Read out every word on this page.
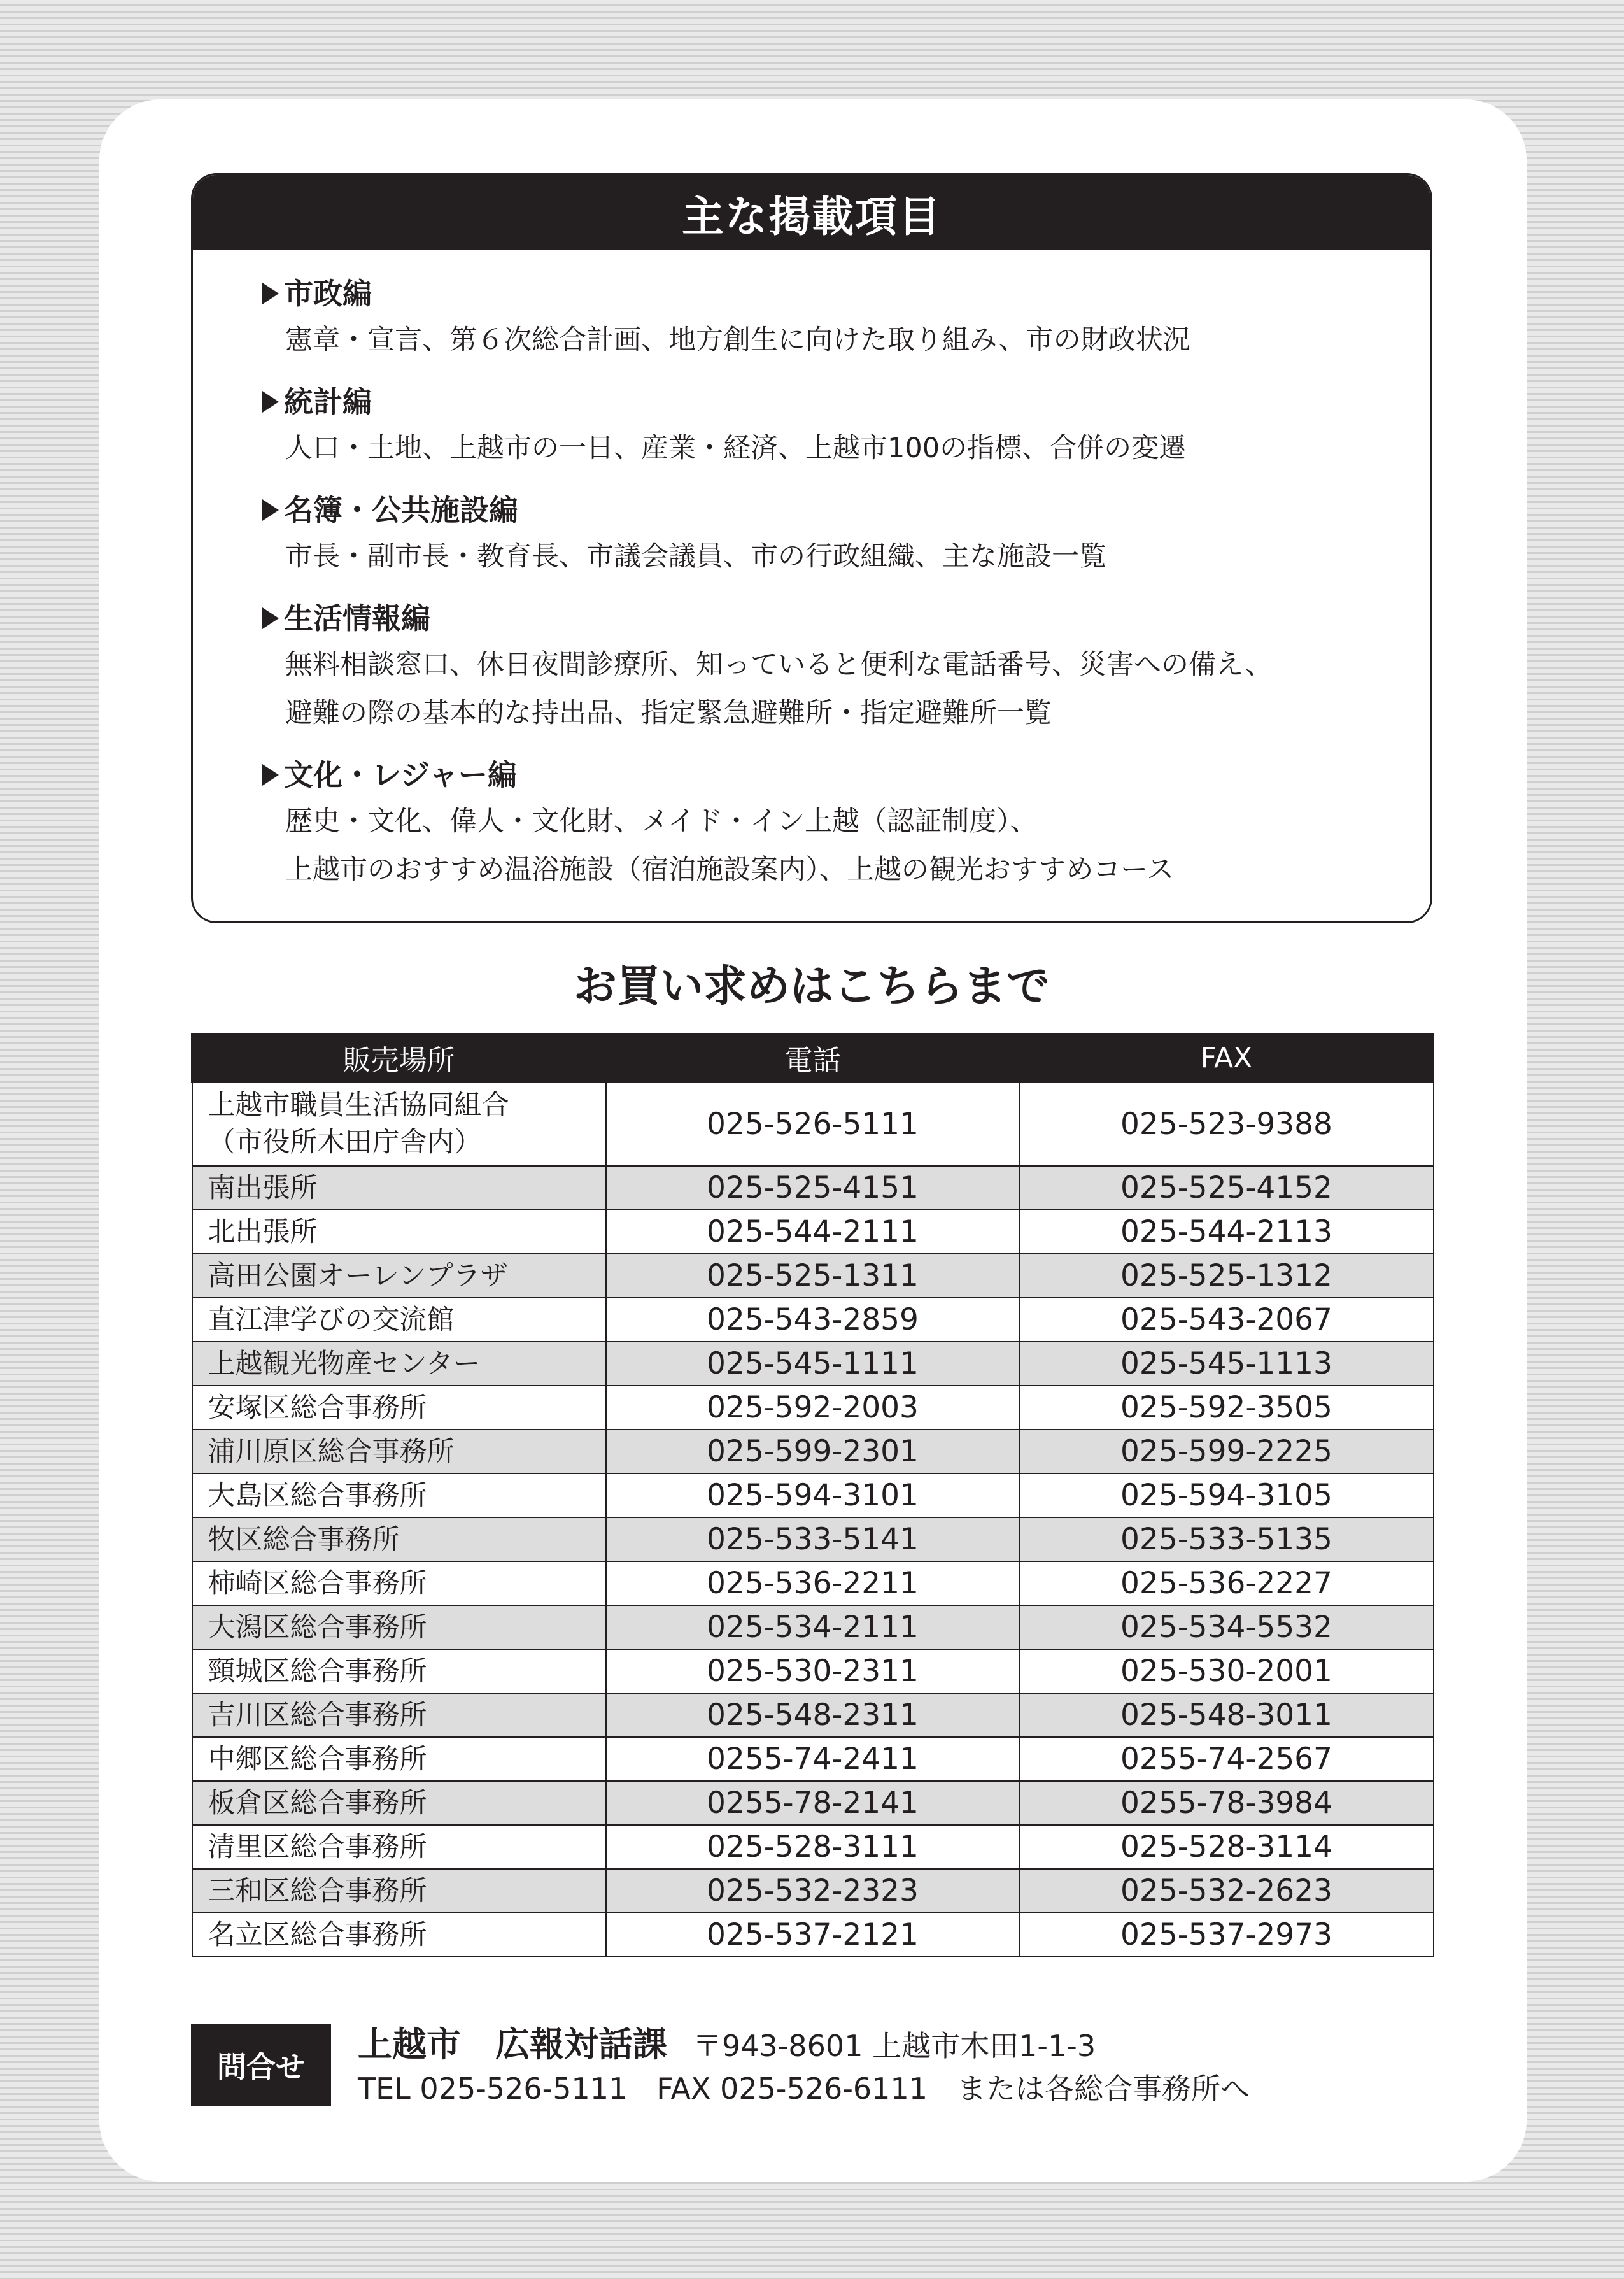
主な掲載項目
市政編
憲章・宣言、第６次総合計画、地方創生に向けた取り組み、市の財政状況
統計編
人口・土地、上越市の一日、産業・経済、上越市100の指標、合併の変遷
名簿・公共施設編
市長・副市長・教育長、市議会議員、市の行政組織、主な施設一覧
生活情報編
無料相談窓口、休日夜間診療所、知っていると便利な電話番号、災害への備え、
避難の際の基本的な持出品、指定緊急避難所・指定避難所一覧
文化・レジャー編
歴史・文化、偉人・文化財、メイド・イン上越（認証制度）、
上越市のおすすめ温浴施設（宿泊施設案内）、上越の観光おすすめコース
お買い求めはこちらまで
販売場所	電話	FAX

上越市職員生活協同組合
（市役所木田庁舎内）	025-526-5111	025-523-9388

南出張所	025-525-4151	025-525-4152

北出張所	025-544-2111	025-544-2113

高田公園オーレンプラザ	025-525-1311	025-525-1312

直江津学びの交流館	025-543-2859	025-543-2067

上越観光物産センター	025-545-1111	025-545-1113

安塚区総合事務所	025-592-2003	025-592-3505

浦川原区総合事務所	025-599-2301	025-599-2225

大島区総合事務所	025-594-3101	025-594-3105

牧区総合事務所	025-533-5141	025-533-5135

柿崎区総合事務所	025-536-2211	025-536-2227

大潟区総合事務所	025-534-2111	025-534-5532

頸城区総合事務所	025-530-2311	025-530-2001

吉川区総合事務所	025-548-2311	025-548-3011

中郷区総合事務所	0255-74-2411	0255-74-2567

板倉区総合事務所	0255-78-2141	0255-78-3984

清里区総合事務所	025-528-3111	025-528-3114

三和区総合事務所	025-532-2323	025-532-2623

名立区総合事務所	025-537-2121	025-537-2973
問合せ
上越市　広報対話課 〒943-8601 上越市木田1-1-3
TEL 025-526-5111　FAX 025-526-6111　または各総合事務所へ
